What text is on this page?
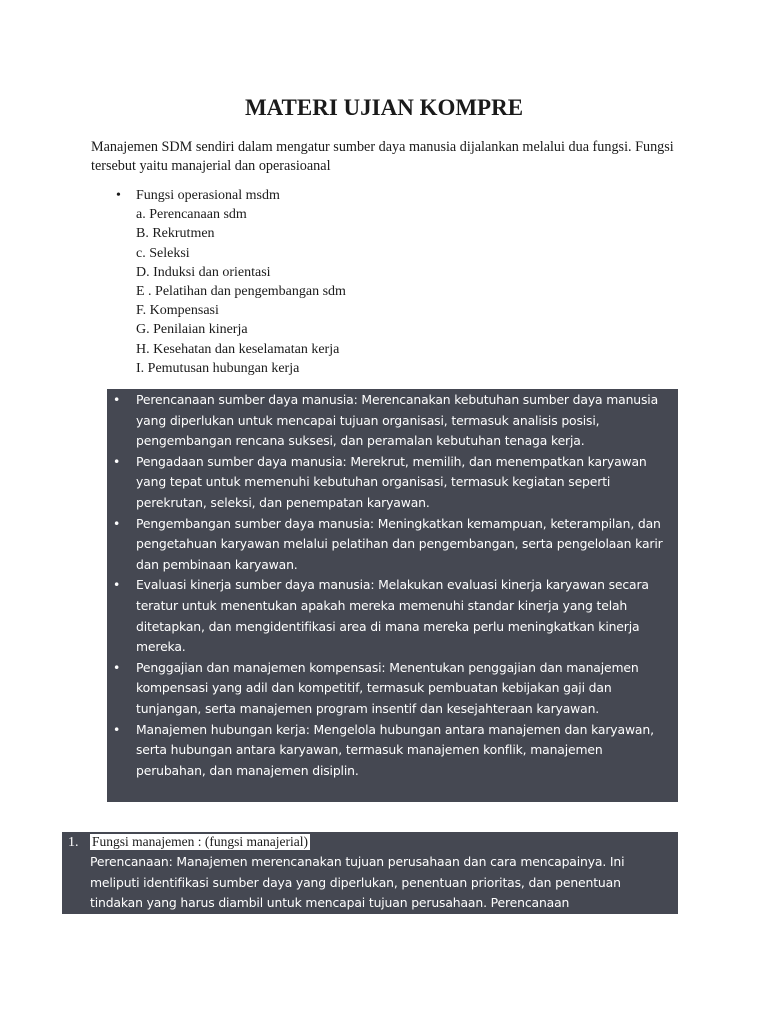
MATERI UJIAN KOMPRE

Manajemen SDM sendiri dalam mengatur sumber daya manusia dijalankan melalui dua fungsi. Fungsi tersebut yaitu manajerial dan operasioanal

• Fungsi operasional msdm
a. Perencanaan sdm
B. Rekrutmen
c. Seleksi
D. Induksi dan orientasi
E . Pelatihan dan pengembangan sdm
F. Kompensasi
G. Penilaian kinerja
H. Kesehatan dan keselamatan kerja
I. Pemutusan hubungan kerja
• Perencanaan sumber daya manusia: Merencanakan kebutuhan sumber daya manusia yang diperlukan untuk mencapai tujuan organisasi, termasuk analisis posisi, pengembangan rencana suksesi, dan peramalan kebutuhan tenaga kerja.
• Pengadaan sumber daya manusia: Merekrut, memilih, dan menempatkan karyawan yang tepat untuk memenuhi kebutuhan organisasi, termasuk kegiatan seperti perekrutan, seleksi, dan penempatan karyawan.
• Pengembangan sumber daya manusia: Meningkatkan kemampuan, keterampilan, dan pengetahuan karyawan melalui pelatihan dan pengembangan, serta pengelolaan karir dan pembinaan karyawan.
• Evaluasi kinerja sumber daya manusia: Melakukan evaluasi kinerja karyawan secara teratur untuk menentukan apakah mereka memenuhi standar kinerja yang telah ditetapkan, dan mengidentifikasi area di mana mereka perlu meningkatkan kinerja mereka.
• Penggajian dan manajemen kompensasi: Menentukan penggajian dan manajemen kompensasi yang adil dan kompetitif, termasuk pembuatan kebijakan gaji dan tunjangan, serta manajemen program insentif dan kesejahteraan karyawan.
• Manajemen hubungan kerja: Mengelola hubungan antara manajemen dan karyawan, serta hubungan antara karyawan, termasuk manajemen konflik, manajemen perubahan, dan manajemen disiplin.
1. Fungsi manajemen : (fungsi manajerial)
Perencanaan: Manajemen merencanakan tujuan perusahaan dan cara mencapainya. Ini meliputi identifikasi sumber daya yang diperlukan, penentuan prioritas, dan penentuan tindakan yang harus diambil untuk mencapai tujuan perusahaan. Perencanaan
